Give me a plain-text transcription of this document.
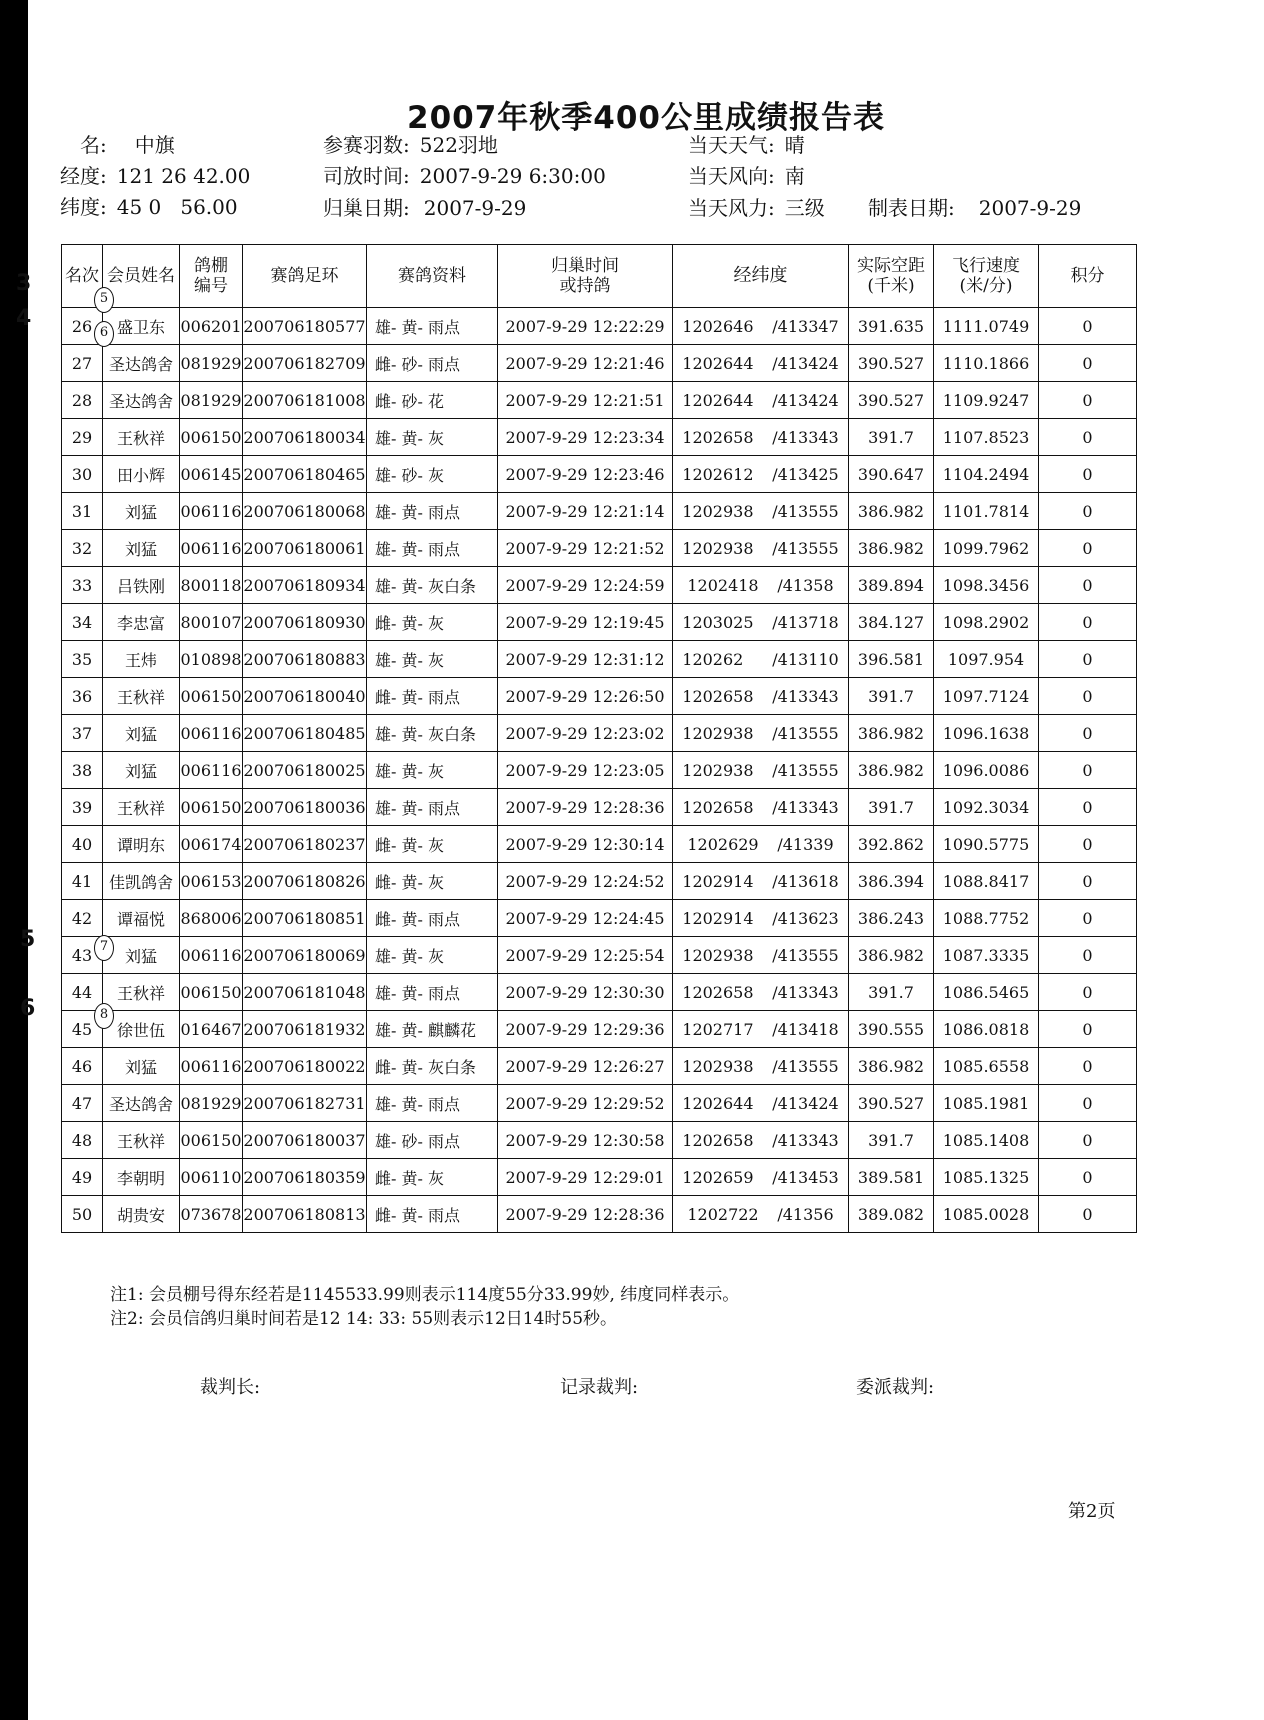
2007年秋季400公里成绩报告表
名: 中旗	参赛羽数: 522羽地	当天天气: 晴
经度: 121 26 42.00	司放时间: 2007-9-29 6:30:00	当天风向: 南
纬度: 45 0   56.00	归巢日期: 2007-9-29	当天风力: 三级 制表日期: 2007-9-29
名次	会员姓名	鸽棚编号	赛鸽足环	赛鸽资料	归巢时间或持鸽	经纬度	实际空距(千米)	飞行速度(米/分)	积分
26	盛卫东	006201	200706180577	雄- 黄- 雨点	2007-9-29 12:22:29	1202646 /413347	391.635	1111.0749	0
27	圣达鸽舍	081929	200706182709	雌- 砂- 雨点	2007-9-29 12:21:46	1202644 /413424	390.527	1110.1866	0
28	圣达鸽舍	081929	200706181008	雌- 砂- 花	2007-9-29 12:21:51	1202644 /413424	390.527	1109.9247	0
29	王秋祥	006150	200706180034	雄- 黄- 灰	2007-9-29 12:23:34	1202658 /413343	391.7	1107.8523	0
30	田小辉	006145	200706180465	雄- 砂- 灰	2007-9-29 12:23:46	1202612 /413425	390.647	1104.2494	0
31	刘猛	006116	200706180068	雄- 黄- 雨点	2007-9-29 12:21:14	1202938 /413555	386.982	1101.7814	0
32	刘猛	006116	200706180061	雄- 黄- 雨点	2007-9-29 12:21:52	1202938 /413555	386.982	1099.7962	0
33	吕铁刚	800118	200706180934	雄- 黄- 灰白条	2007-9-29 12:24:59	1202418 /41358	389.894	1098.3456	0
34	李忠富	800107	200706180930	雌- 黄- 灰	2007-9-29 12:19:45	1203025 /413718	384.127	1098.2902	0
35	王炜	010898	200706180883	雄- 黄- 灰	2007-9-29 12:31:12	120262 /413110	396.581	1097.954	0
36	王秋祥	006150	200706180040	雌- 黄- 雨点	2007-9-29 12:26:50	1202658 /413343	391.7	1097.7124	0
37	刘猛	006116	200706180485	雄- 黄- 灰白条	2007-9-29 12:23:02	1202938 /413555	386.982	1096.1638	0
38	刘猛	006116	200706180025	雄- 黄- 灰	2007-9-29 12:23:05	1202938 /413555	386.982	1096.0086	0
39	王秋祥	006150	200706180036	雄- 黄- 雨点	2007-9-29 12:28:36	1202658 /413343	391.7	1092.3034	0
40	谭明东	006174	200706180237	雌- 黄- 灰	2007-9-29 12:30:14	1202629 /41339	392.862	1090.5775	0
41	佳凯鸽舍	006153	200706180826	雌- 黄- 灰	2007-9-29 12:24:52	1202914 /413618	386.394	1088.8417	0
42	谭福悦	868006	200706180851	雌- 黄- 雨点	2007-9-29 12:24:45	1202914 /413623	386.243	1088.7752	0
43	刘猛	006116	200706180069	雄- 黄- 灰	2007-9-29 12:25:54	1202938 /413555	386.982	1087.3335	0
44	王秋祥	006150	200706181048	雄- 黄- 雨点	2007-9-29 12:30:30	1202658 /413343	391.7	1086.5465	0
45	徐世伍	016467	200706181932	雄- 黄- 麒麟花	2007-9-29 12:29:36	1202717 /413418	390.555	1086.0818	0
46	刘猛	006116	200706180022	雌- 黄- 灰白条	2007-9-29 12:26:27	1202938 /413555	386.982	1085.6558	0
47	圣达鸽舍	081929	200706182731	雄- 黄- 雨点	2007-9-29 12:29:52	1202644 /413424	390.527	1085.1981	0
48	王秋祥	006150	200706180037	雄- 砂- 雨点	2007-9-29 12:30:58	1202658 /413343	391.7	1085.1408	0
49	李朝明	006110	200706180359	雌- 黄- 灰	2007-9-29 12:29:01	1202659 /413453	389.581	1085.1325	0
50	胡贵安	073678	200706180813	雌- 黄- 雨点	2007-9-29 12:28:36	1202722 /41356	389.082	1085.0028	0
3
4
5
6
5
6
7
8
注1: 会员棚号得东经若是1145533.99则表示114度55分33.99妙, 纬度同样表示。
注2: 会员信鸽归巢时间若是12 14: 33: 55则表示12日14时55秒。
裁判长:	记录裁判:	委派裁判:
第2页
